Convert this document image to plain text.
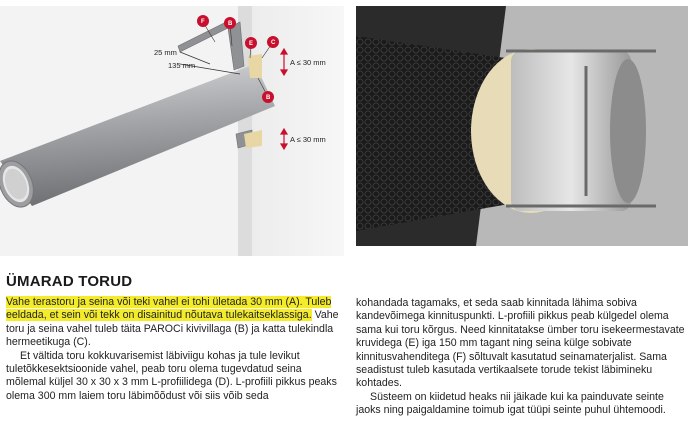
25 mm
135 mm	A ≤ 30 mm
A ≤ 30 mm
F	B
E	C
B
ÜMARAD TORUD

Vahe terastoru ja seina või teki vahel ei tohi ületada 30 mm (A). Tuleb eeldada, et sein või tekk on disainitud nõutava tulekaitseklassiga. Vahe toru ja seina vahel tuleb täita PAROCi kivivillaga (B) ja katta tulekindla hermeetikuga (C).

Et vältida toru kokkuvarisemist läbiviigu kohas ja tule levikut tuletõkkesektsioonide vahel, peab toru olema tugevdatud seina mõlemal küljel 30 x 30 x 3 mm L-profiilidega (D). L-profiili pikkus peaks olema 300 mm laiem toru läbimõõdust või siis võib seda

kohandada tagamaks, et seda saab kinnitada lähima sobiva kandevõimega kinnituspunkti. L-profiili pikkus peab külgedel olema sama kui toru kõrgus. Need kinnitatakse ümber toru isekeermestavate kruvidega (E) iga 150 mm tagant ning seina külge sobivate kinnitusvahenditega (F) sõltuvalt kasutatud seinamaterjalist. Sama seadistust tuleb kasutada vertikaalsete torude tekist läbimineku kohtades.

Süsteem on kiidetud heaks nii jäikade kui ka painduvate seinte jaoks ning paigaldamine toimub igat tüüpi seinte puhul ühtemoodi.
